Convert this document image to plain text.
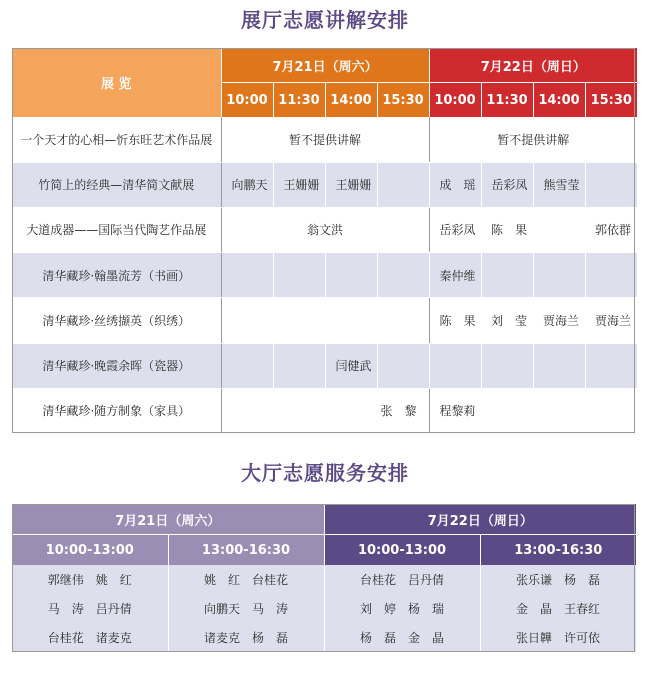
展厅志愿讲解安排
展 览	7月21日（周六）				7月22日（周日）			
	10:00	11:30	14:00	15:30	10:00	11:30	14:00	15:30
一个天才的心相—忻东旺艺术作品展	暂不提供讲解				暂不提供讲解			
竹简上的经典—清华简文献展	向鹏天	王姗姗	王姗姗		成　瑶	岳彩凤	熊雪莹	
大道成器——国际当代陶艺作品展	翁文洪				岳彩凤	陈　果		郭依群
清华藏珍·翰墨流芳（书画）					秦仲维			
清华藏珍·丝绣撷英（织绣）					陈　果	刘　莹	贾海兰	贾海兰
清华藏珍·晚霞余晖（瓷器）			闫健武					
清华藏珍·随方制象（家具）	张　黎				程黎莉			
大厅志愿服务安排
7月21日（周六）		7月22日（周日）	
10:00-13:00	13:00-16:30	10:00-13:00	13:00-16:30
郭继伟　姚　红	姚　红　台桂花	台桂花　吕丹倩	张乐谦　杨　磊
马　涛　吕丹倩	向鹏天　马　涛	刘　婷　杨　瑞	金　晶　王春红
台桂花　诸麦克	诸麦克　杨　磊	杨　磊　金　晶	张日韡　许可依
